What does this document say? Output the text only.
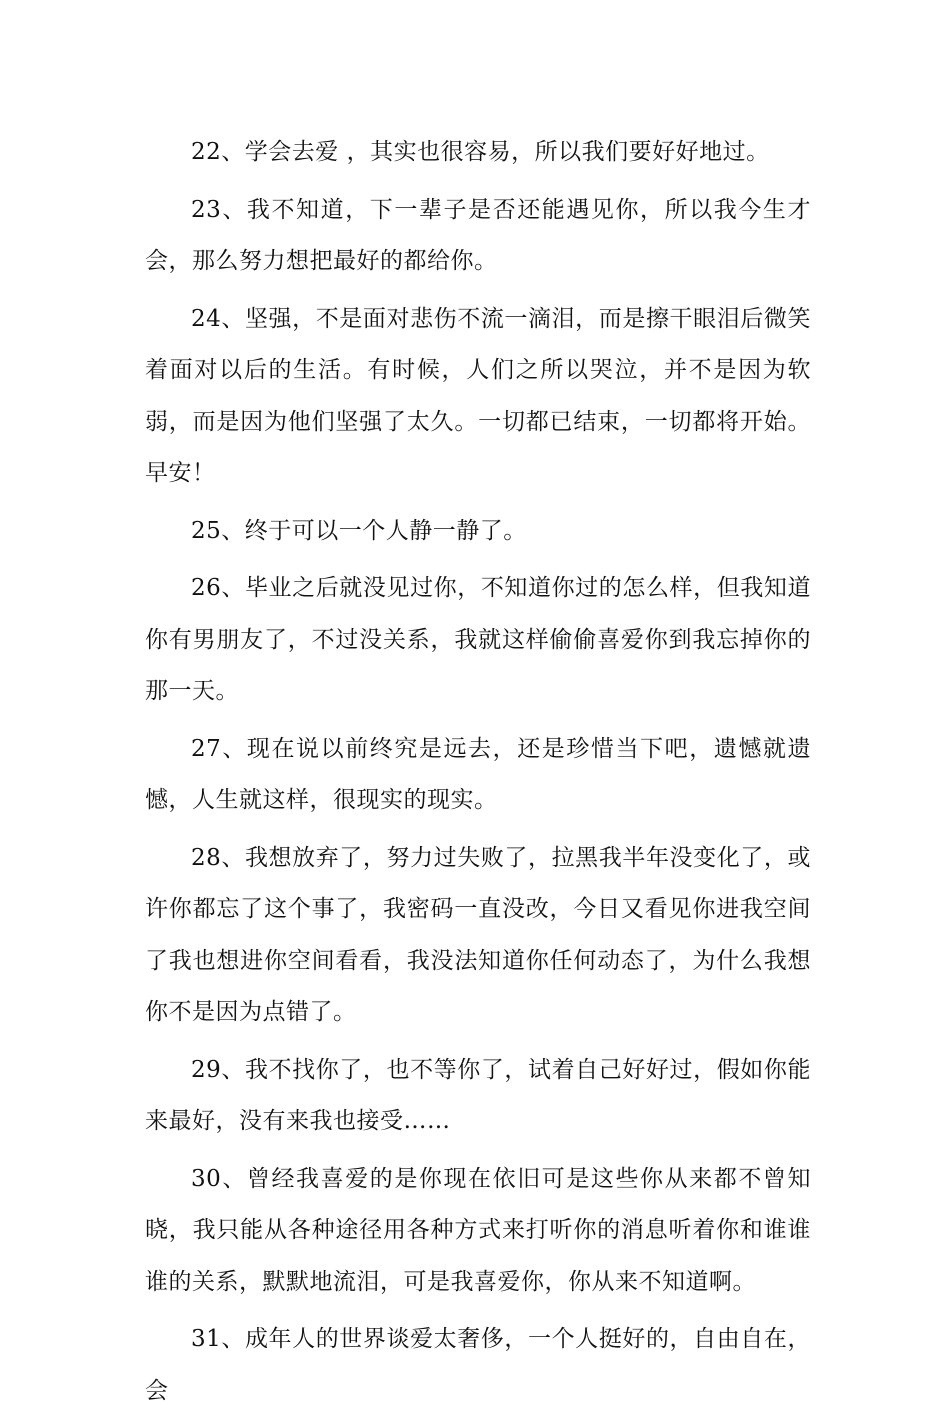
22、学会去爱 ，其实也很容易，所以我们要好好地过。

23、我不知道，下一辈子是否还能遇见你，所以我今生才会，那么努力想把最好的都给你。

24、坚强，不是面对悲伤不流一滴泪，而是擦干眼泪后微笑着面对以后的生活。有时候，人们之所以哭泣，并不是因为软弱，而是因为他们坚强了太久。一切都已结束，一切都将开始。早安！

25、终于可以一个人静一静了。

26、毕业之后就没见过你，不知道你过的怎么样，但我知道你有男朋友了，不过没关系，我就这样偷偷喜爱你到我忘掉你的那一天。

27、现在说以前终究是远去，还是珍惜当下吧，遗憾就遗憾，人生就这样，很现实的现实。

28、我想放弃了，努力过失败了，拉黑我半年没变化了，或许你都忘了这个事了，我密码一直没改，今日又看见你进我空间了我也想进你空间看看，我没法知道你任何动态了，为什么我想你不是因为点错了。

29、我不找你了，也不等你了，试着自己好好过，假如你能来最好，没有来我也接受……

30、曾经我喜爱的是你现在依旧可是这些你从来都不曾知晓，我只能从各种途径用各种方式来打听你的消息听着你和谁谁谁的关系，默默地流泪，可是我喜爱你，你从来不知道啊。

31、成年人的世界谈爱太奢侈，一个人挺好的，自由自在，会
